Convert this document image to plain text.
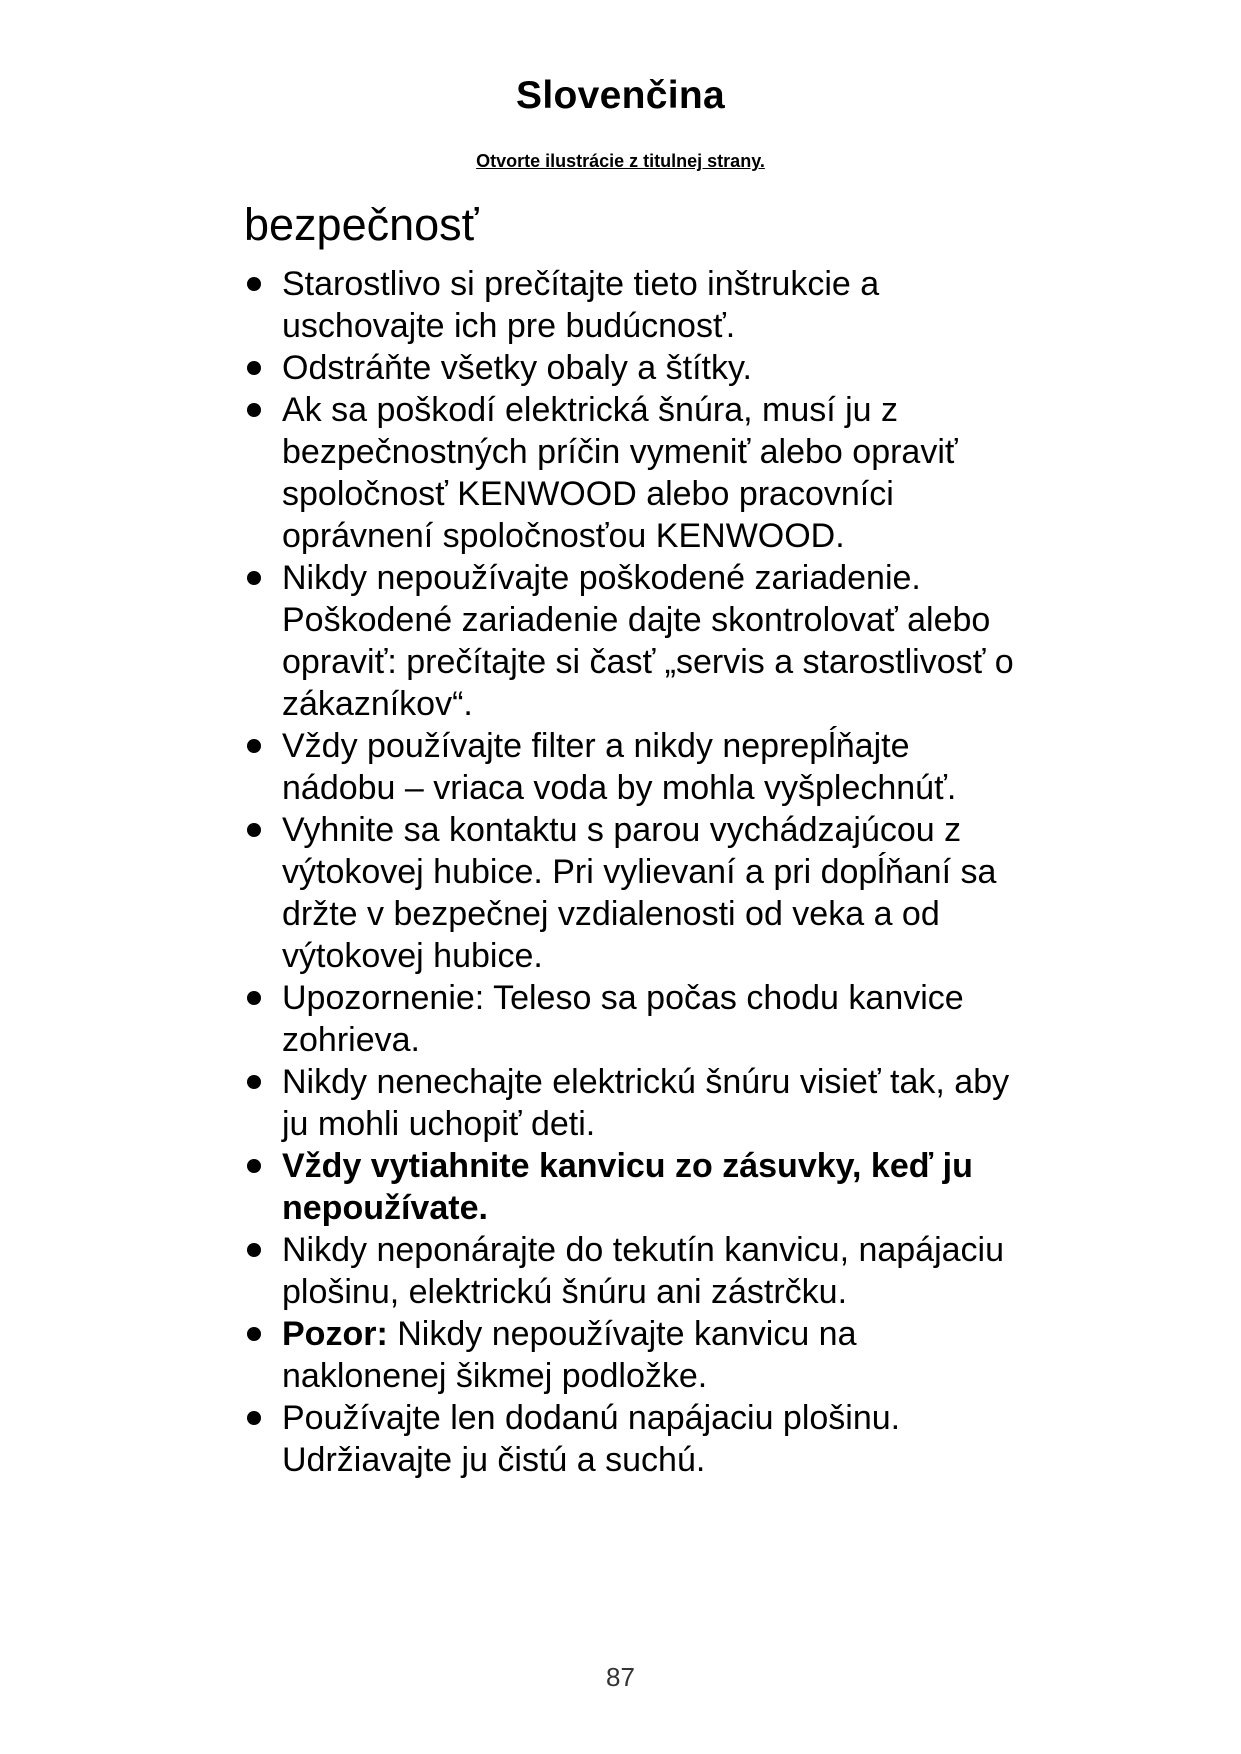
Slovenčina
Otvorte ilustrácie z titulnej strany.
bezpečnosť
Starostlivo si prečítajte tieto inštrukcie a uschovajte ich pre budúcnosť.
Odstráňte všetky obaly a štítky.
Ak sa poškodí elektrická šnúra, musí ju z bezpečnostných príčin vymeniť alebo opraviť spoločnosť KENWOOD alebo pracovníci oprávnení spoločnosťou KENWOOD.
Nikdy nepoužívajte poškodené zariadenie. Poškodené zariadenie dajte skontrolovať alebo opraviť: prečítajte si časť „servis a starostlivosť o zákazníkov“.
Vždy používajte filter a nikdy neprepĺňajte nádobu – vriaca voda by mohla vyšplechnúť.
Vyhnite sa kontaktu s parou vychádzajúcou z výtokovej hubice. Pri vylievaní a pri dopĺňaní sa držte v bezpečnej vzdialenosti od veka a od výtokovej hubice.
Upozornenie: Teleso sa počas chodu kanvice zohrieva.
Nikdy nenechajte elektrickú šnúru visieť tak, aby ju mohli uchopiť deti.
Vždy vytiahnite kanvicu zo zásuvky, keď ju nepoužívate.
Nikdy neponárajte do tekutín kanvicu, napájaciu plošinu, elektrickú šnúru ani zástrčku.
Pozor: Nikdy nepoužívajte kanvicu na naklonenej šikmej podložke.
Používajte len dodanú napájaciu plošinu. Udržiavajte ju čistú a suchú.
87
